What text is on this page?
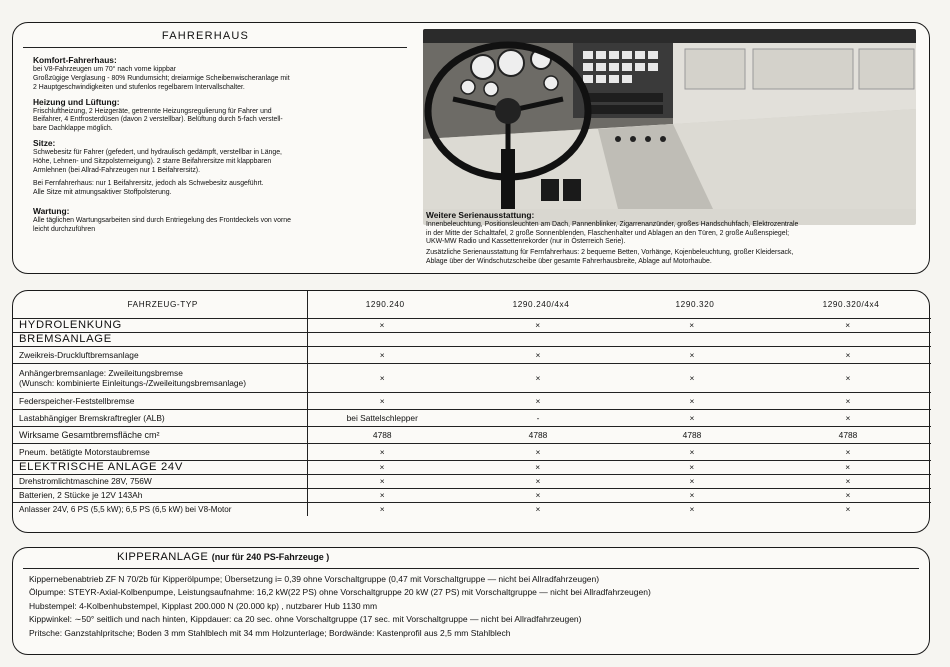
FAHRERHAUS
Komfort-Fahrerhaus:

bei V8-Fahrzeugen um 70° nach vorne kippbar

Großzügige Verglasung - 80% Rundumsicht; dreiarmige Scheibenwischeranlage mit

2 Hauptgeschwindigkeiten und stufenlos regelbarem Intervallschalter.

Heizung und Lüftung:

Frischluftheizung, 2 Heizgeräte, getrennte Heizungsregulierung für Fahrer und

Beifahrer, 4 Entfrosterdüsen (davon 2 verstellbar). Belüftung durch 5-fach verstell-

bare Dachklappe möglich.

Sitze:

Schwebesitz für Fahrer (gefedert, und hydraulisch gedämpft, verstellbar in Länge,

Höhe, Lehnen- und Sitzpolsterneigung). 2 starre Beifahrersitze mit klappbaren

Armlehnen (bei Allrad-Fahrzeugen nur 1 Beifahrersitz).

Bei Fernfahrerhaus: nur 1 Beifahrersitz, jedoch als Schwebesitz ausgeführt.

Alle Sitze mit atmungsaktiver Stoffpolsterung.

Wartung:

Alle täglichen Wartungsarbeiten sind durch Entriegelung des Frontdeckels von vorne

leicht durchzuführen

Weitere Serienausstattung:

Innenbeleuchtung, Positionsleuchten am Dach, Pannenblinker, Zigarrenanzünder, großes Handschuhfach, Elektrozentrale

in der Mitte der Schalttafel, 2 große Sonnenblenden, Flaschenhalter und Ablagen an den Türen, 2 große Außenspiegel;

UKW-MW Radio und Kassettenrekorder (nur in Österreich Serie).

Zusätzliche Serienausstattung für Fernfahrerhaus: 2 bequeme Betten, Vorhänge, Kojenbeleuchtung, großer Kleidersack,

Ablage über der Windschutzscheibe über gesamte Fahrerhausbreite, Ablage auf Motorhaube.

FAHRZEUG-TYP	1290.240	1290.240/4x4	1290.320	1290.320/4x4
HYDROLENKUNG	×	×	×	×
BREMSANLAGE				
Zweikreis-Druckluftbremsanlage	×	×	×	×

Anhängerbremsanlage: Zweileitungsbremse
(Wunsch: kombinierte Einleitungs-/Zweileitungsbremsanlage)	×	×	×	×
Federspeicher-Feststellbremse	×	×	×	×
Lastabhängiger Bremskraftregler (ALB)	bei Sattelschlepper	-	×	×
Wirksame Gesamtbremsfläche cm²	4788	4788	4788	4788
Pneum. betätigte Motorstaubremse	×	×	×	×
ELEKTRISCHE ANLAGE 24V	×	×	×	×
Drehstromlichtmaschine 28V, 756W	×	×	×	×
Batterien, 2 Stücke je 12V 143Ah	×	×	×	×
Anlasser 24V, 6 PS (5,5 kW); 6,5 PS (6,5 kW) bei V8-Motor	×	×	×	×
KIPPERANLAGE (nur für 240 PS-Fahrzeuge )
Kippernebenabtrieb ZF N 70/2b für Kipperölpumpe; Übersetzung i= 0,39 ohne Vorschaltgruppe (0,47 mit Vorschaltgruppe — nicht bei Allradfahrzeugen)
Ölpumpe: STEYR-Axial-Kolbenpumpe, Leistungsaufnahme: 16,2 kW(22 PS) ohne Vorschaltgruppe 20 kW (27 PS) mit Vorschaltgruppe — nicht bei Allradfahrzeugen)
Hubstempel: 4-Kolbenhubstempel, Kipplast 200.000 N (20.000 kp) , nutzbarer Hub 1130 mm
Kippwinkel: ∼50° seitlich und nach hinten, Kippdauer: ca 20 sec. ohne Vorschaltgruppe (17 sec. mit Vorschaltgruppe — nicht bei Allradfahrzeugen)
Pritsche: Ganzstahlpritsche; Boden 3 mm Stahlblech mit 34 mm Holzunterlage; Bordwände: Kastenprofil aus 2,5 mm Stahlblech
